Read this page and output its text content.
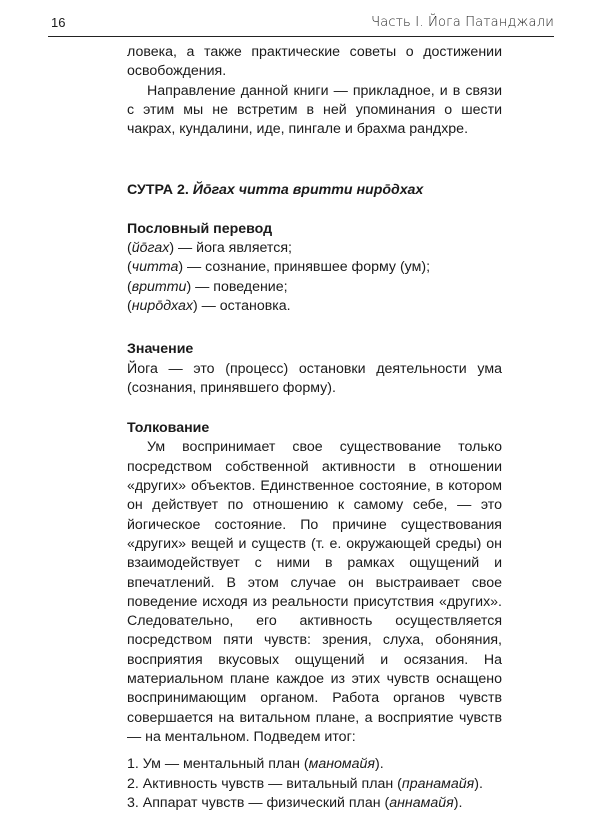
16	Часть I. Йога Патанджали

ловека, а также практические советы о достижении освобождения.

Направление данной книги — прикладное, и в связи с этим мы не встретим в ней упоминания о шести чакрах, кундалини, иде, пингале и брахма рандхре.

СУТРА 2. Йо̄гах читта вритти ниро̄дхах
Пословный перевод
(йо̄гах) — йога является;
(читта) — сознание, принявшее форму (ум);
(вритти) — поведение;
(ниро̄дхах) — остановка.
Значение

Йога — это (процесс) остановки деятельности ума (сознания, принявшего форму).

Толкование

Ум воспринимает свое существование только посредством собственной активности в отношении «других» объектов. Единственное состояние, в котором он действует по отношению к самому себе, — это йогическое состояние. По причине существования «других» вещей и существ (т. е. окружающей среды) он взаимодействует с ними в рамках ощущений и впечатлений. В этом случае он выстраивает свое поведение исходя из реальности присутствия «других». Следовательно, его активность осуществляется посредством пяти чувств: зрения, слуха, обоняния, восприятия вкусовых ощущений и осязания. На материальном плане каждое из этих чувств оснащено воспринимающим органом. Работа органов чувств совершается на витальном плане, а восприятие чувств — на ментальном. Подведем итог:

1. Ум — ментальный план (маномайя).
2. Активность чувств — витальный план (пранамайя).
3. Аппарат чувств — физический план (аннамайя).
